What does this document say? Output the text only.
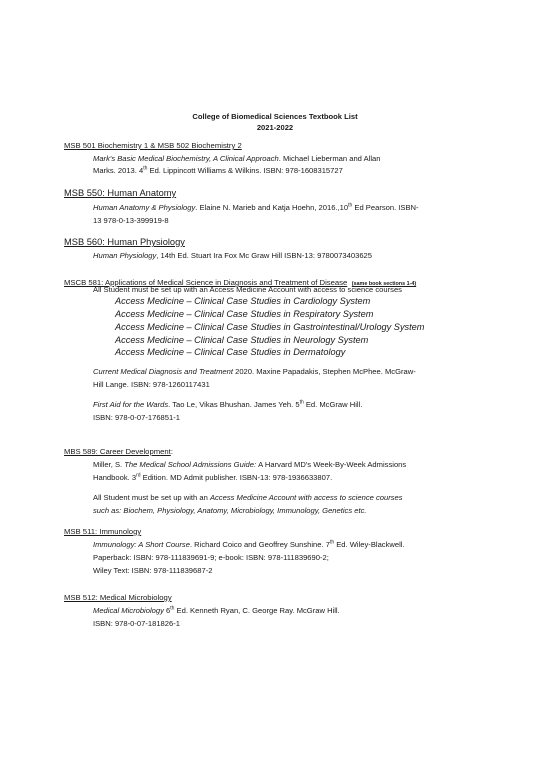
College of Biomedical Sciences Textbook List
2021-2022
MSB 501 Biochemistry 1 & MSB 502 Biochemistry 2
Mark's Basic Medical Biochemistry, A Clinical Approach. Michael Lieberman and Allan
Marks. 2013. 4th Ed. Lippincott Williams & Wilkins. ISBN: 978-1608315727
MSB 550: Human Anatomy
Human Anatomy & Physiology. Elaine N. Marieb and Katja Hoehn, 2016.,10th Ed Pearson. ISBN-
13 978-0-13-399919-8
MSB 560: Human Physiology
Human Physiology, 14th Ed. Stuart Ira Fox Mc Graw Hill ISBN-13: 9780073403625
MSCB 581: Applications of Medical Science in Diagnosis and Treatment of Disease (same book sections 1-4)
All Student must be set up with an Access Medicine Account with access to science courses
Access Medicine – Clinical Case Studies in Cardiology System
Access Medicine – Clinical Case Studies in Respiratory System
Access Medicine – Clinical Case Studies in Gastrointestinal/Urology System
Access Medicine – Clinical Case Studies in Neurology System
Access Medicine – Clinical Case Studies in Dermatology
Current Medical Diagnosis and Treatment 2020. Maxine Papadakis, Stephen McPhee. McGraw-
Hill Lange. ISBN: 978-1260117431
First Aid for the Wards. Tao Le, Vikas Bhushan. James Yeh. 5th Ed. McGraw Hill.
ISBN: 978-0-07-176851-1
MBS 589: Career Development:
Miller, S. The Medical School Admissions Guide: A Harvard MD's Week-By-Week Admissions
Handbook. 3rd Edition. MD Admit publisher. ISBN-13: 978-1936633807.
All Student must be set up with an Access Medicine Account with access to science courses
such as: Biochem, Physiology, Anatomy, Microbiology, Immunology, Genetics etc.
MSB 511: Immunology
Immunology: A Short Course. Richard Coico and Geoffrey Sunshine. 7th Ed. Wiley-Blackwell.
Paperback: ISBN: 978-111839691-9; e-book: ISBN: 978-111839690-2;
Wiley Text: ISBN: 978-111839687-2
MSB 512: Medical Microbiology
Medical Microbiology 6th Ed. Kenneth Ryan, C. George Ray. McGraw Hill.
ISBN: 978-0-07-181826-1
